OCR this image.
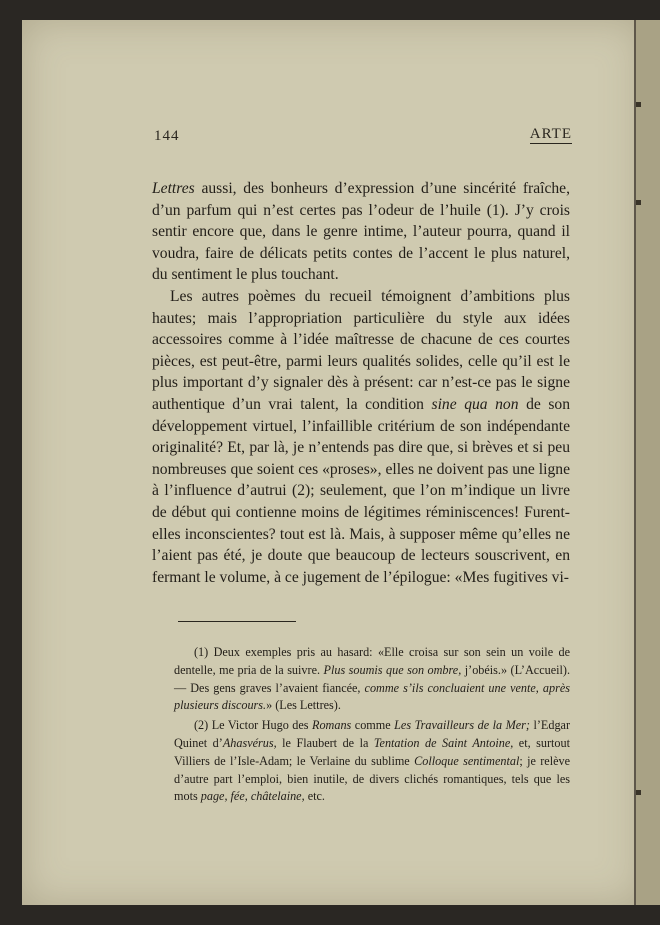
144	ARTE

Lettres aussi, des bonheurs d’expression d’une sincérité fraîche, d’un parfum qui n’est certes pas l’odeur de l’huile (1). J’y crois sentir encore que, dans le genre intime, l’auteur pourra, quand il voudra, faire de délicats petits contes de l’accent le plus naturel, du sentiment le plus touchant.

Les autres poèmes du recueil témoignent d’ambitions plus hautes; mais l’appropriation particulière du style aux idées accessoires comme à l’idée maîtresse de chacune de ces courtes pièces, est peut-être, parmi leurs qualités solides, celle qu’il est le plus important d’y signaler dès à présent: car n’est-ce pas le signe authentique d’un vrai talent, la condition sine qua non de son développement virtuel, l’infaillible critérium de son indépendante originalité? Et, par là, je n’entends pas dire que, si brèves et si peu nombreuses que soient ces «proses», elles ne doivent pas une ligne à l’influence d’autrui (2); seulement, que l’on m’indique un livre de début qui contienne moins de légitimes réminiscences! Furent-elles inconscientes? tout est là. Mais, à supposer même qu’elles ne l’aient pas été, je doute que beaucoup de lecteurs souscrivent, en fermant le volume, à ce jugement de l’épilogue: «Mes fugitives vi-

(1) Deux exemples pris au hasard: «Elle croisa sur son sein un voile de dentelle, me pria de la suivre. Plus soumis que son ombre, j’obéis.» (L’Accueil). — Des gens graves l’avaient fiancée, comme s’ils concluaient une vente, après plusieurs discours.» (Les Lettres).

(2) Le Victor Hugo des Romans comme Les Travailleurs de la Mer; l’Edgar Quinet d’Ahasvérus, le Flaubert de la Tentation de Saint Antoine, et, surtout Villiers de l’Isle-Adam; le Verlaine du sublime Colloque sentimental; je relève d’autre part l’emploi, bien inutile, de divers clichés romantiques, tels que les mots page, fée, châtelaine, etc.
